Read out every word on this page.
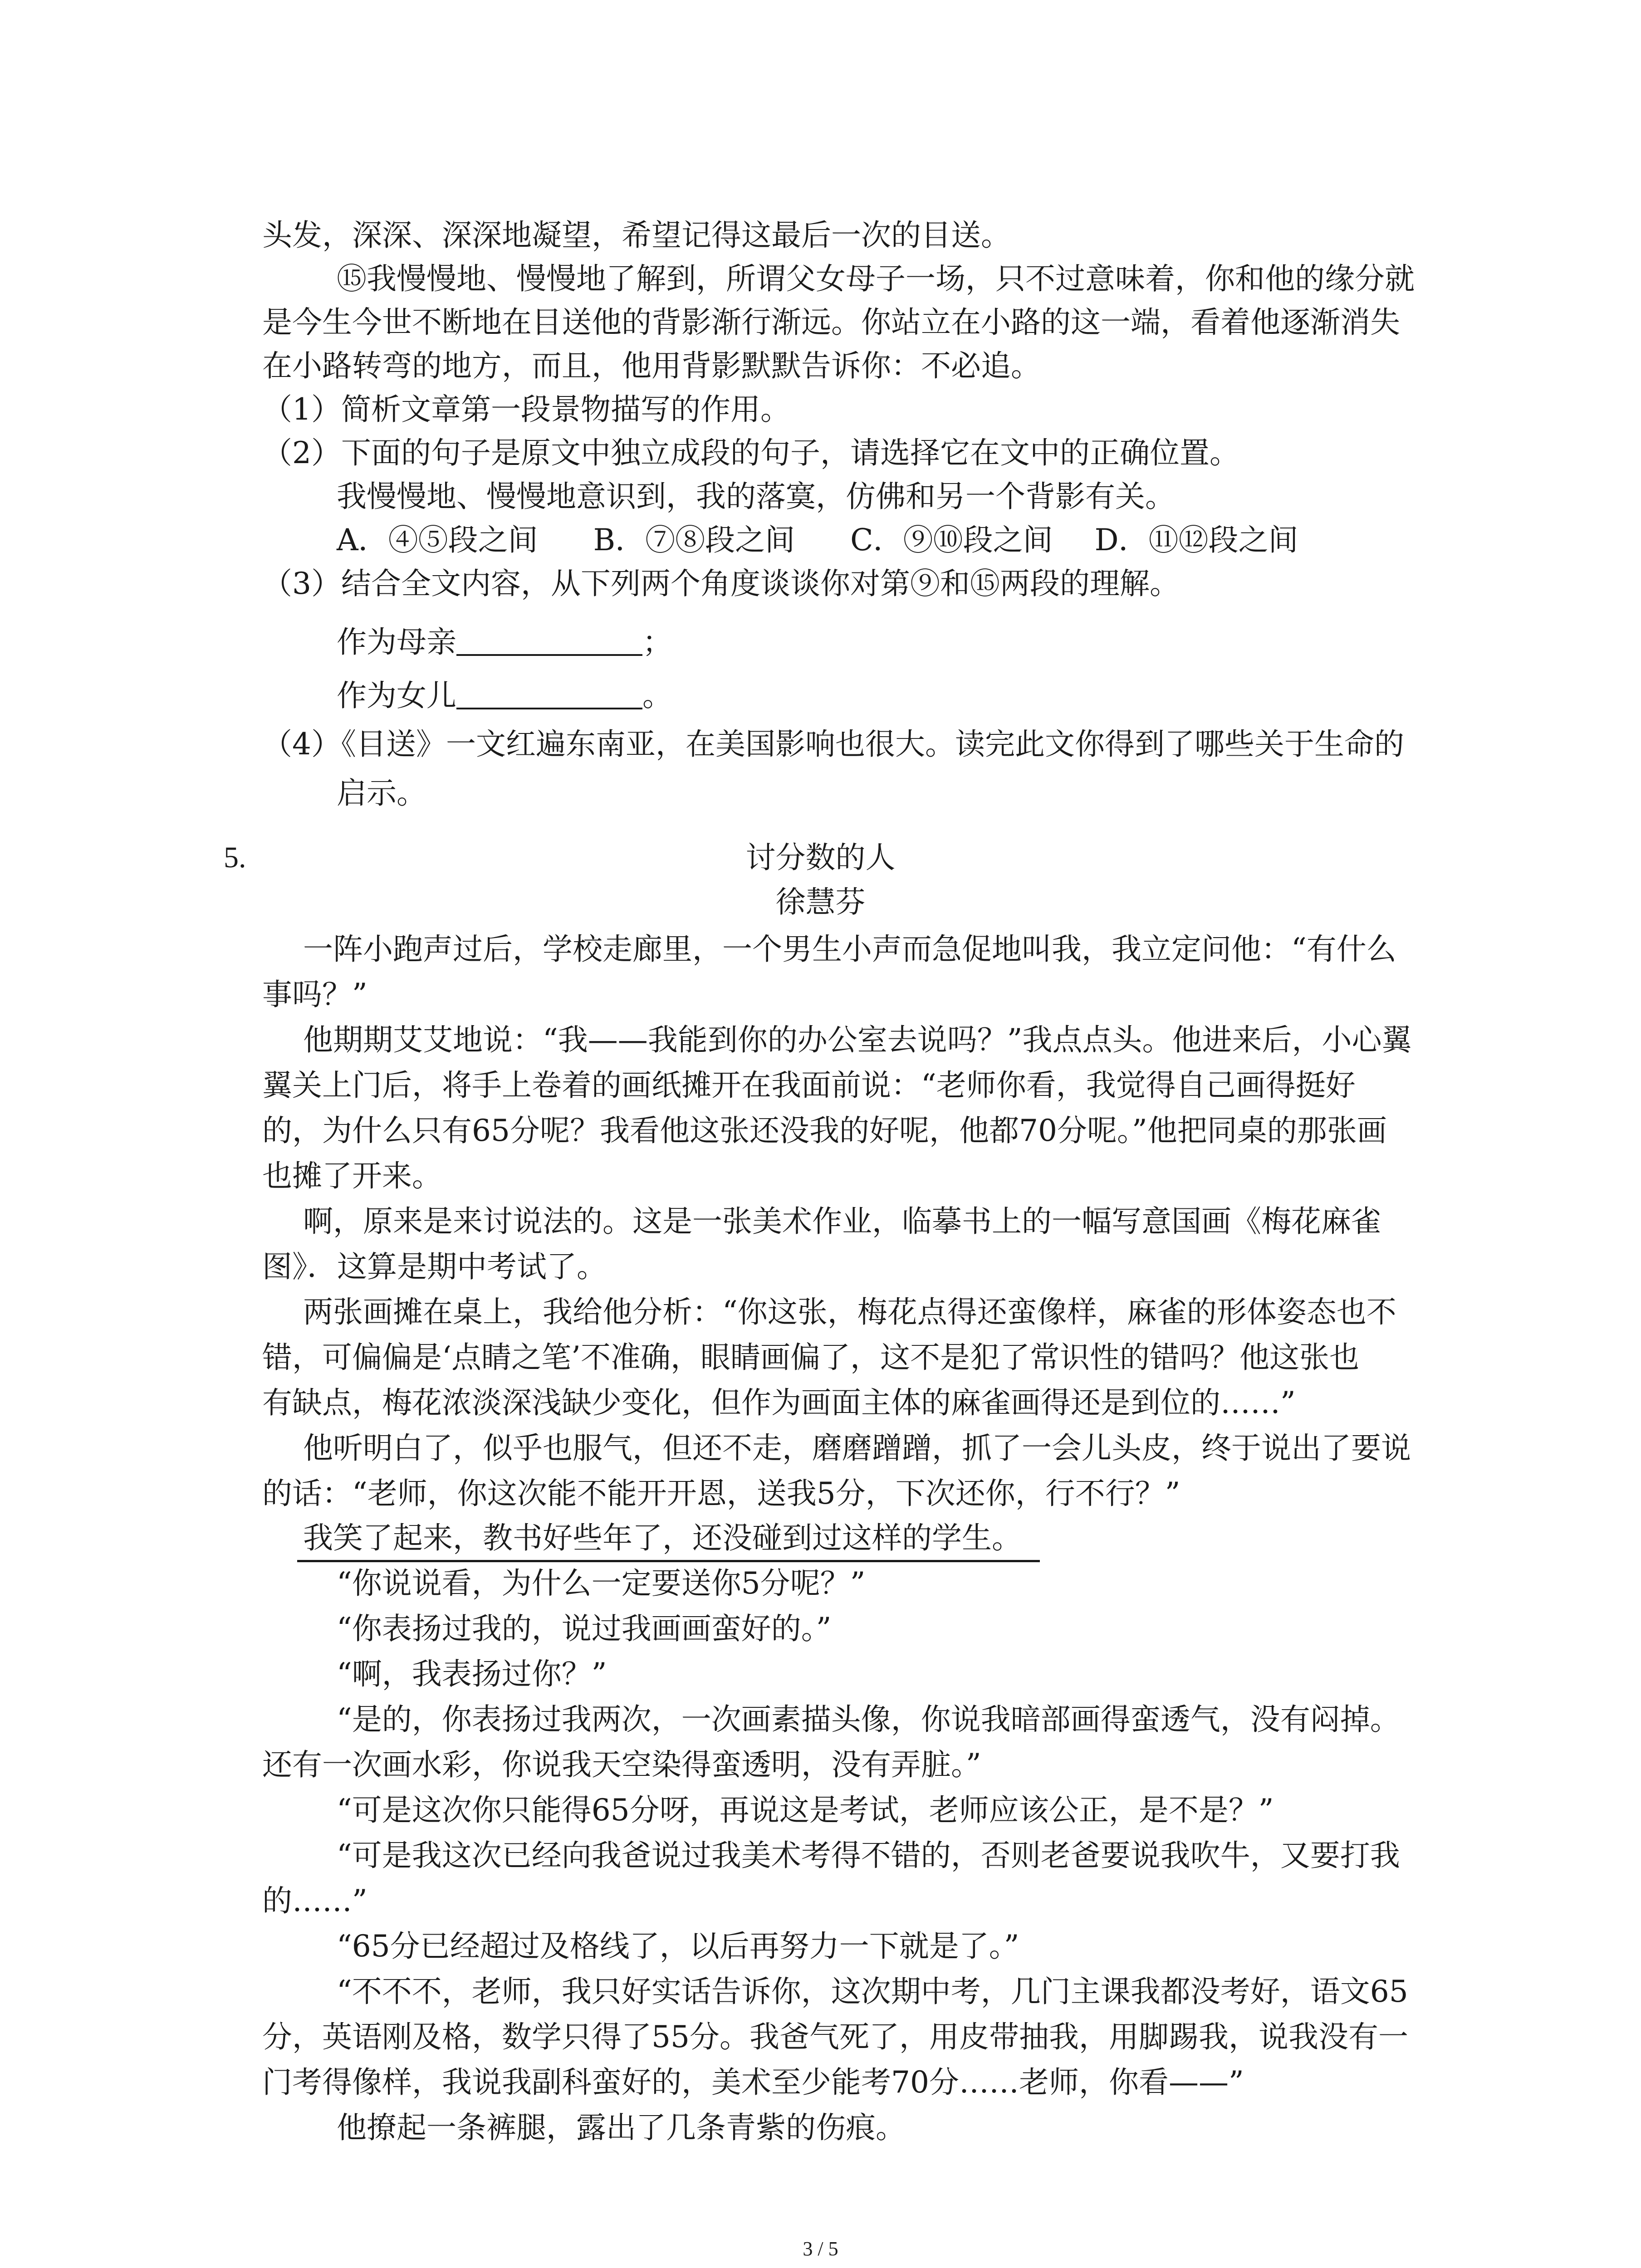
头发，深深、深深地凝望，希望记得这最后一次的目送。
⑮我慢慢地、慢慢地了解到，所谓父女母子一场，只不过意味着，你和他的缘分就
是今生今世不断地在目送他的背影渐行渐远。你站立在小路的这一端，看着他逐渐消失
在小路转弯的地方，而且，他用背影默默告诉你：不必追。
（1）简析文章第一段景物描写的作用。
（2）下面的句子是原文中独立成段的句子，请选择它在文中的正确位置。
我慢慢地、慢慢地意识到，我的落寞，仿佛和另一个背影有关。
A．④⑤段之间 B．⑦⑧段之间 C．⑨⑩段之间 D．⑪⑫段之间
（3）结合全文内容，从下列两个角度谈谈你对第⑨和⑮两段的理解。
作为母亲	；
作为女儿	。
（4）《目送》一文红遍东南亚，在美国影响也很大。读完此文你得到了哪些关于生命的
启示。
5.	讨分数的人
徐慧芬
一阵小跑声过后，学校走廊里，一个男生小声而急促地叫我，我立定问他：“有什么
事吗？”
他期期艾艾地说：“我——我能到你的办公室去说吗？”我点点头。他进来后，小心翼
翼关上门后，将手上卷着的画纸摊开在我面前说：“老师你看，我觉得自己画得挺好
的，为什么只有65分呢？我看他这张还没我的好呢，他都70分呢。”他把同桌的那张画
也摊了开来。
啊，原来是来讨说法的。这是一张美术作业，临摹书上的一幅写意国画《梅花麻雀
图》．这算是期中考试了。
两张画摊在桌上，我给他分析：“你这张，梅花点得还蛮像样，麻雀的形体姿态也不
错，可偏偏是‘点睛之笔’不准确，眼睛画偏了，这不是犯了常识性的错吗？他这张也
有缺点，梅花浓淡深浅缺少变化，但作为画面主体的麻雀画得还是到位的……”
他听明白了，似乎也服气，但还不走，磨磨蹭蹭，抓了一会儿头皮，终于说出了要说
的话：“老师，你这次能不能开开恩，送我5分，下次还你，行不行？”
我笑了起来，教书好些年了，还没碰到过这样的学生。
“你说说看，为什么一定要送你5分呢？”
“你表扬过我的，说过我画画蛮好的。”
“啊，我表扬过你？”
“是的，你表扬过我两次，一次画素描头像，你说我暗部画得蛮透气，没有闷掉。
还有一次画水彩，你说我天空染得蛮透明，没有弄脏。”
“可是这次你只能得65分呀，再说这是考试，老师应该公正，是不是？”
“可是我这次已经向我爸说过我美术考得不错的，否则老爸要说我吹牛，又要打我
的……”
“65分已经超过及格线了，以后再努力一下就是了。”
“不不不，老师，我只好实话告诉你，这次期中考，几门主课我都没考好，语文65
分，英语刚及格，数学只得了55分。我爸气死了，用皮带抽我，用脚踢我，说我没有一
门考得像样，我说我副科蛮好的，美术至少能考70分……老师，你看——”
他撩起一条裤腿，露出了几条青紫的伤痕。
3 / 5
